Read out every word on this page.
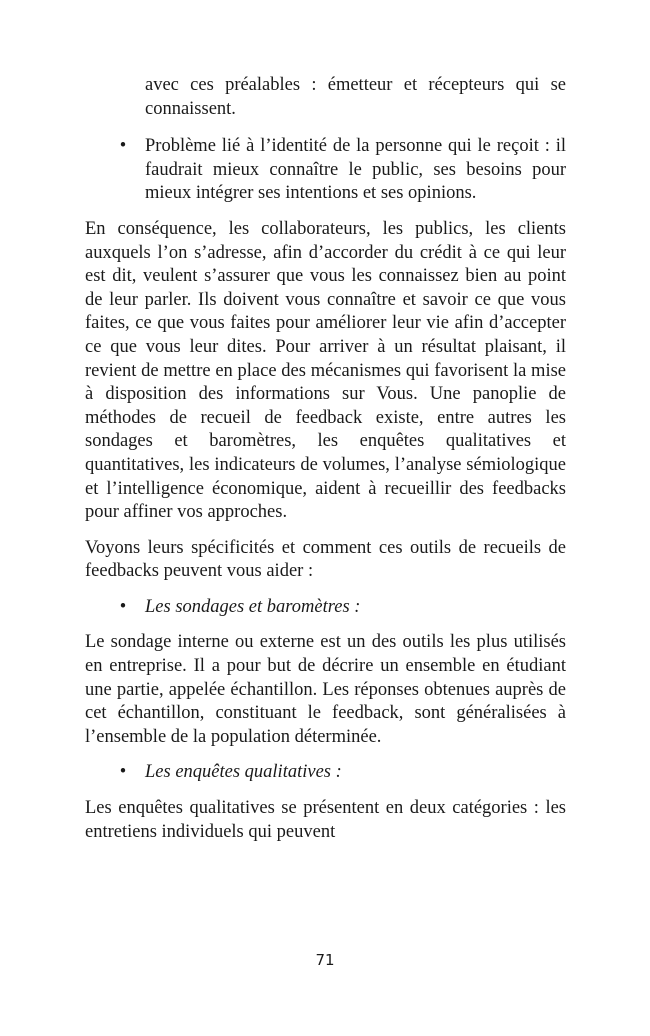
avec ces préalables : émetteur et récepteurs qui se connaissent.

•	Problème lié à l’identité de la personne qui le reçoit : il faudrait mieux connaître le public, ses besoins pour mieux intégrer ses intentions et ses opinions.

En conséquence, les collaborateurs, les publics, les clients auxquels l’on s’adresse, afin d’accorder du crédit à ce qui leur est dit, veulent s’assurer que vous les connaissez bien au point de leur parler. Ils doivent vous connaître et savoir ce que vous faites, ce que vous faites pour améliorer leur vie afin d’accepter ce que vous leur dites. Pour arriver à un résultat plaisant, il revient de mettre en place des mécanismes qui favorisent la mise à disposition des informations sur Vous. Une panoplie de méthodes de recueil de feedback existe, entre autres les sondages et baromètres, les enquêtes qualitatives et quantitatives, les indicateurs de volumes, l’analyse sémiologique et l’intelligence économique, aident à recueillir des feedbacks pour affiner vos approches.

Voyons leurs spécificités et comment ces outils de recueils de feedbacks peuvent vous aider :

•	Les sondages et baromètres :

Le sondage interne ou externe est un des outils les plus utilisés en entreprise. Il a pour but de décrire un ensemble en étudiant une partie, appelée échantillon. Les réponses obtenues auprès de cet échantillon, constituant le feedback, sont généralisées à l’ensemble de la population déterminée.

•	Les enquêtes qualitatives :

Les enquêtes qualitatives se présentent en deux catégories : les entretiens individuels qui peuvent

71
